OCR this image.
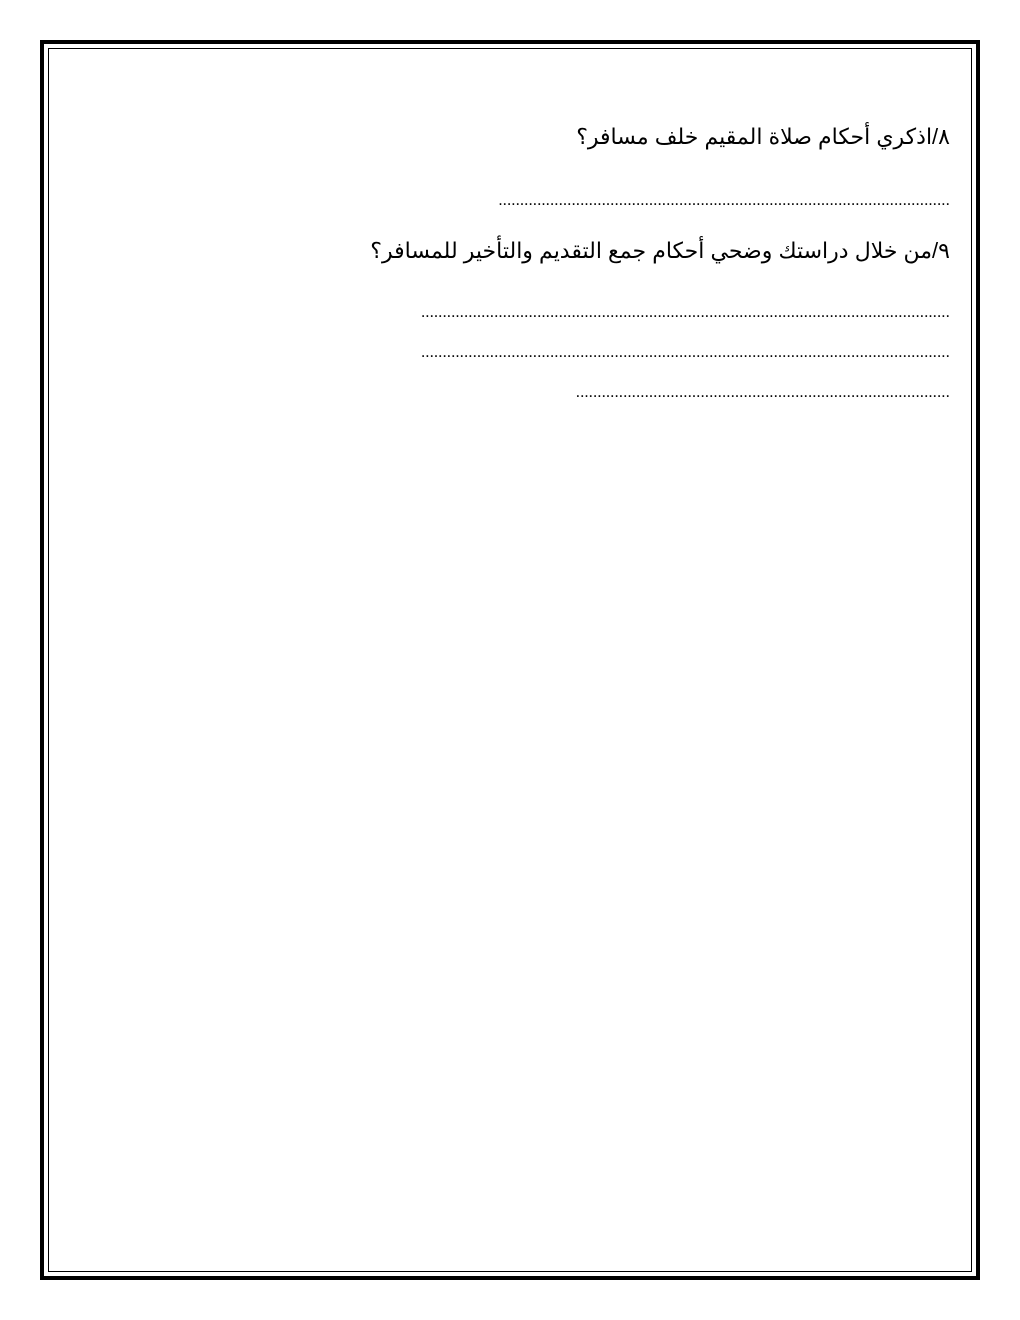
٨/اذكري أحكام صلاة المقيم خلف مسافر؟
.........................................................................................................
٩/من خلال دراستك وضحي أحكام جمع التقديم والتأخير للمسافر؟
...........................................................................................................................
...........................................................................................................................
.......................................................................................
